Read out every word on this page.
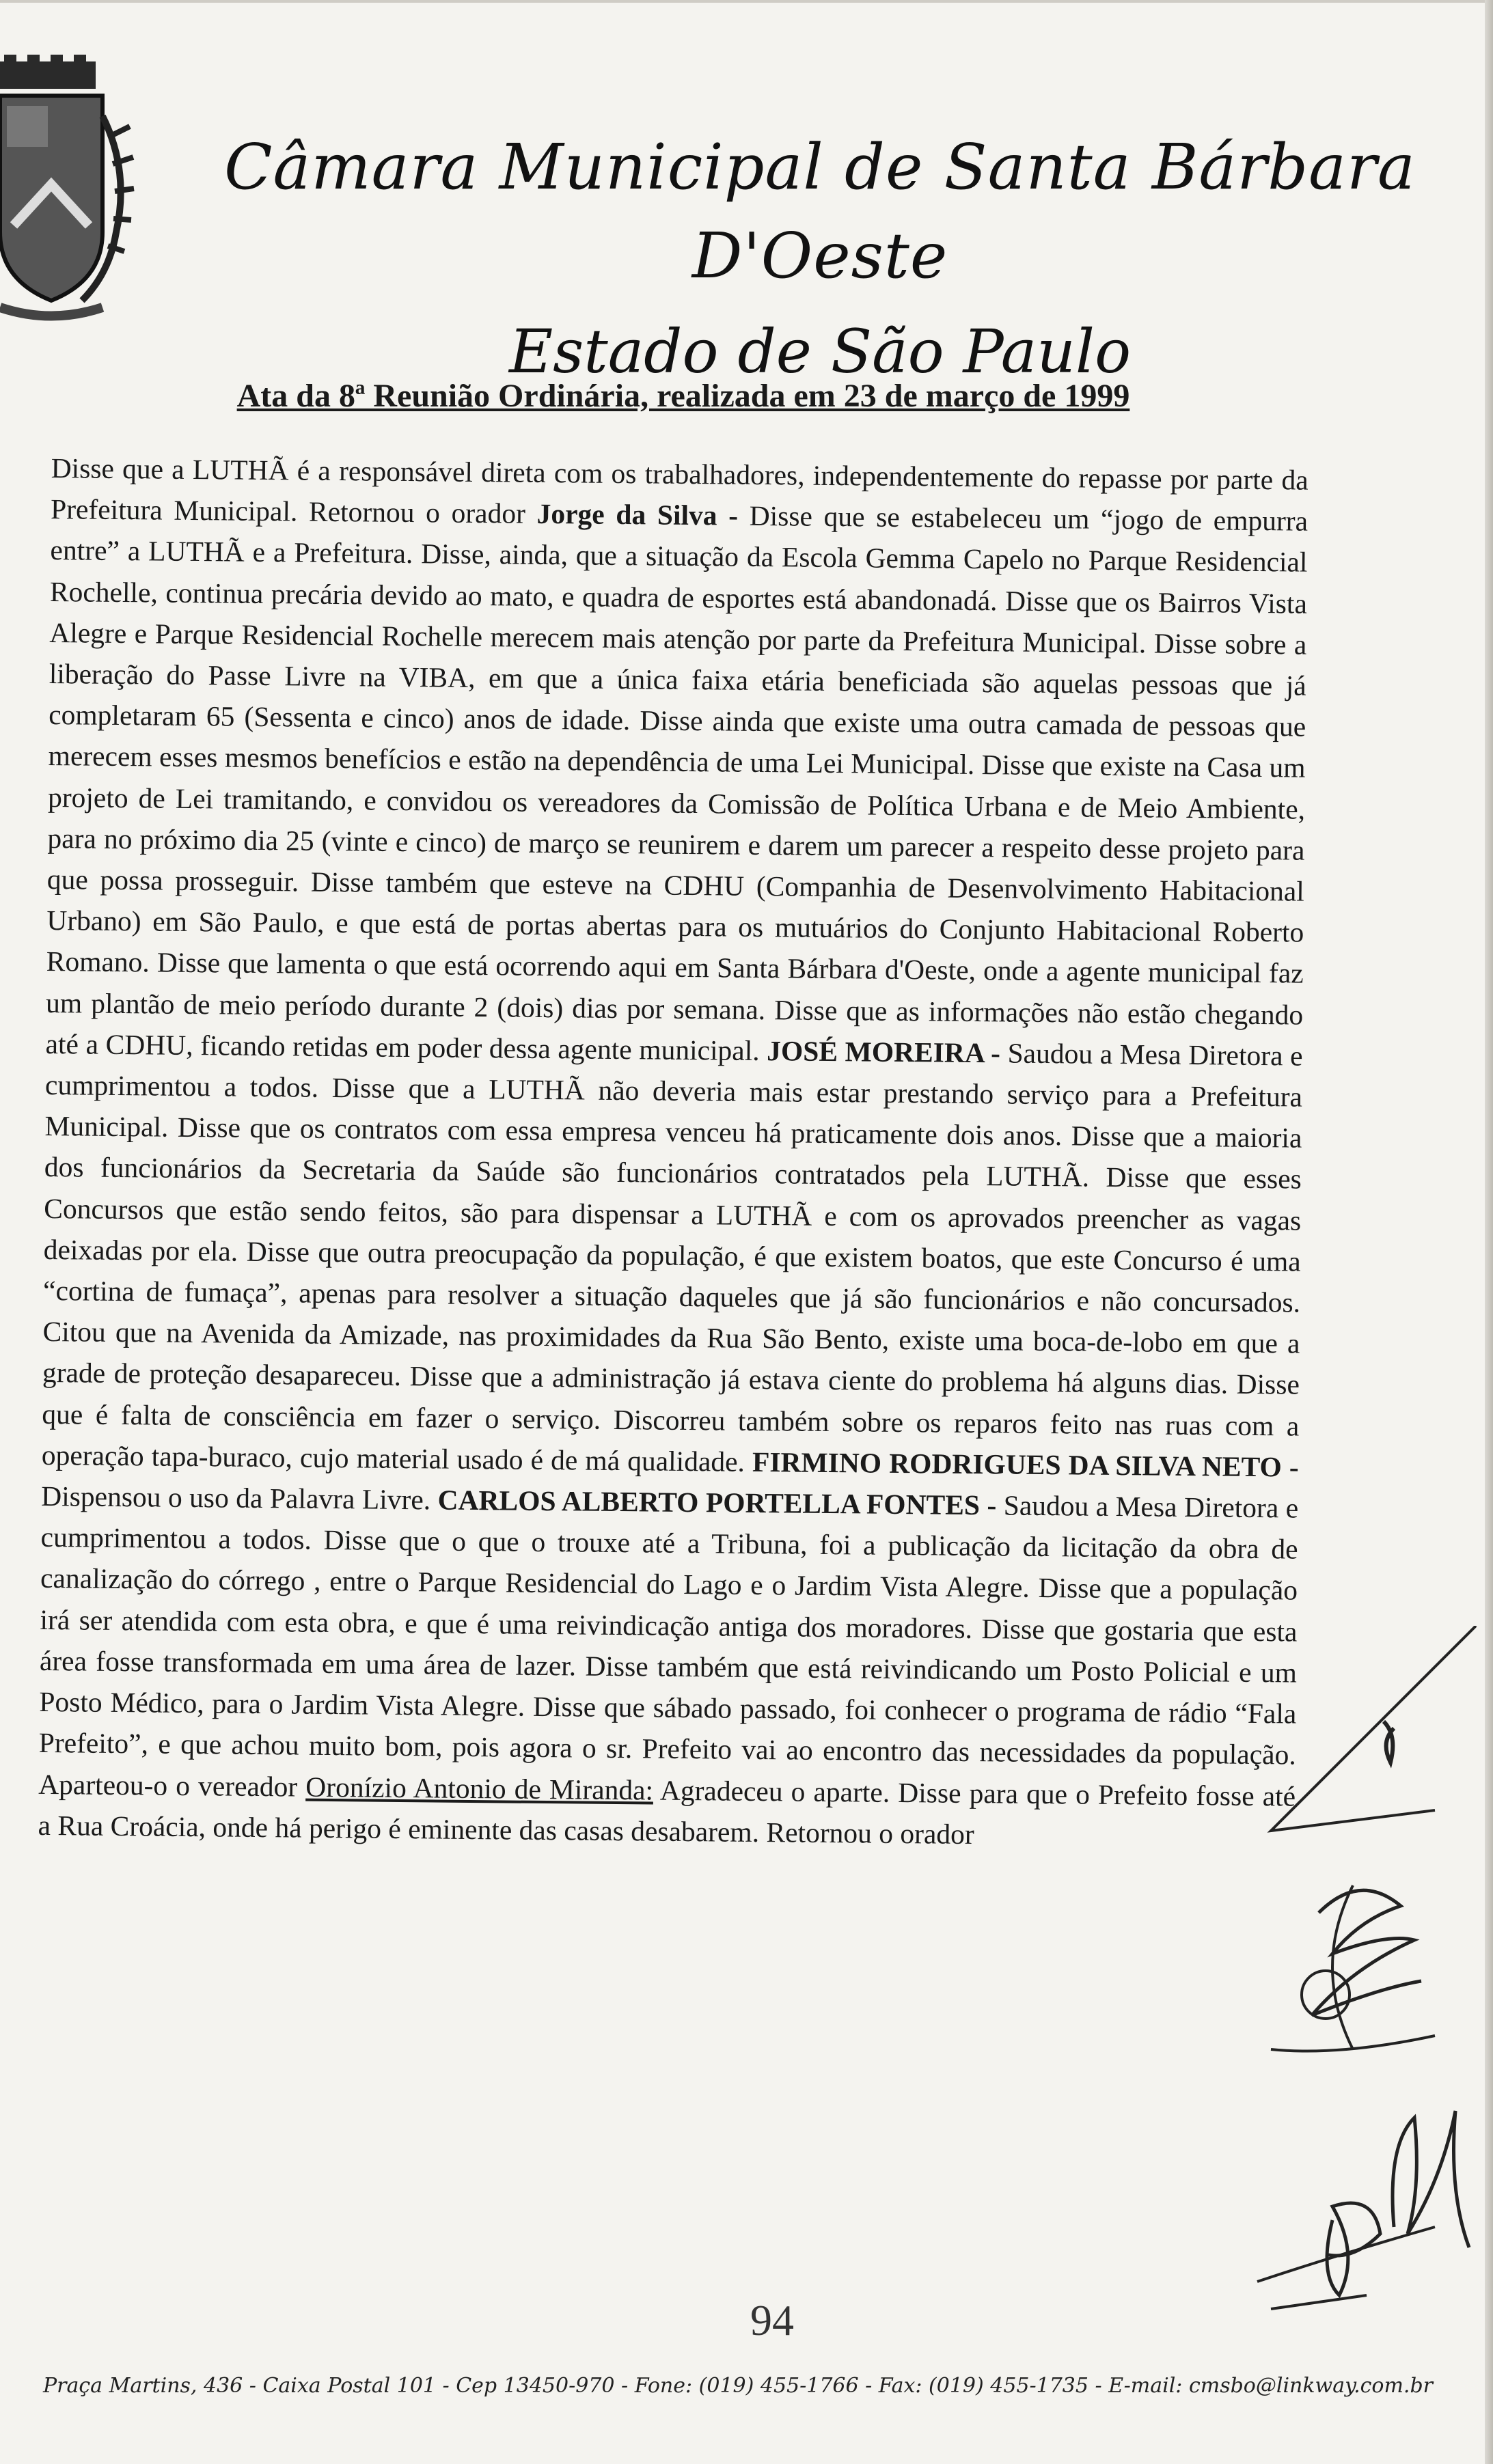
Câmara Municipal de Santa Bárbara D'Oeste
Estado de São Paulo
Ata da 8ª Reunião Ordinária, realizada em 23 de março de 1999

Disse que a LUTHÃ é a responsável direta com os trabalhadores, independentemente do repasse por parte da Prefeitura Municipal. Retornou o orador Jorge da Silva - Disse que se estabeleceu um “jogo de empurra entre” a LUTHÃ e a Prefeitura. Disse, ainda, que a situação da Escola Gemma Capelo no Parque Residencial Rochelle, continua precária devido ao mato, e quadra de esportes está abandonadá. Disse que os Bairros Vista Alegre e Parque Residencial Rochelle merecem mais atenção por parte da Prefeitura Municipal. Disse sobre a liberação do Passe Livre na VIBA, em que a única faixa etária beneficiada são aquelas pessoas que já completaram 65 (Sessenta e cinco) anos de idade. Disse ainda que existe uma outra camada de pessoas que merecem esses mesmos benefícios e estão na dependência de uma Lei Municipal. Disse que existe na Casa um projeto de Lei tramitando, e convidou os vereadores da Comissão de Política Urbana e de Meio Ambiente, para no próximo dia 25 (vinte e cinco) de março se reunirem e darem um parecer a respeito desse projeto para que possa prosseguir. Disse também que esteve na CDHU (Companhia de Desenvolvimento Habitacional Urbano) em São Paulo, e que está de portas abertas para os mutuários do Conjunto Habitacional Roberto Romano. Disse que lamenta o que está ocorrendo aqui em Santa Bárbara d'Oeste, onde a agente municipal faz um plantão de meio período durante 2 (dois) dias por semana. Disse que as informações não estão chegando até a CDHU, ficando retidas em poder dessa agente municipal. JOSÉ MOREIRA - Saudou a Mesa Diretora e cumprimentou a todos. Disse que a LUTHÃ não deveria mais estar prestando serviço para a Prefeitura Municipal. Disse que os contratos com essa empresa venceu há praticamente dois anos. Disse que a maioria dos funcionários da Secretaria da Saúde são funcionários contratados pela LUTHÃ. Disse que esses Concursos que estão sendo feitos, são para dispensar a LUTHÃ e com os aprovados preencher as vagas deixadas por ela. Disse que outra preocupação da população, é que existem boatos, que este Concurso é uma “cortina de fumaça”, apenas para resolver a situação daqueles que já são funcionários e não concursados. Citou que na Avenida da Amizade, nas proximidades da Rua São Bento, existe uma boca-de-lobo em que a grade de proteção desapareceu. Disse que a administração já estava ciente do problema há alguns dias. Disse que é falta de consciência em fazer o serviço. Discorreu também sobre os reparos feito nas ruas com a operação tapa-buraco, cujo material usado é de má qualidade. FIRMINO RODRIGUES DA SILVA NETO - Dispensou o uso da Palavra Livre. CARLOS ALBERTO PORTELLA FONTES - Saudou a Mesa Diretora e cumprimentou a todos. Disse que o que o trouxe até a Tribuna, foi a publicação da licitação da obra de canalização do córrego , entre o Parque Residencial do Lago e o Jardim Vista Alegre. Disse que a população irá ser atendida com esta obra, e que é uma reivindicação antiga dos moradores. Disse que gostaria que esta área fosse transformada em uma área de lazer. Disse também que está reivindicando um Posto Policial e um Posto Médico, para o Jardim Vista Alegre. Disse que sábado passado, foi conhecer o programa de rádio “Fala Prefeito”, e que achou muito bom, pois agora o sr. Prefeito vai ao encontro das necessidades da população. Aparteou-o o vereador Oronízio Antonio de Miranda: Agradeceu o aparte. Disse para que o Prefeito fosse até a Rua Croácia, onde há perigo é eminente das casas desabarem. Retornou o orador

94
Praça Martins, 436 - Caixa Postal 101 - Cep 13450-970 - Fone: (019) 455-1766 - Fax: (019) 455-1735 - E-mail: cmsbo@linkway.com.br
